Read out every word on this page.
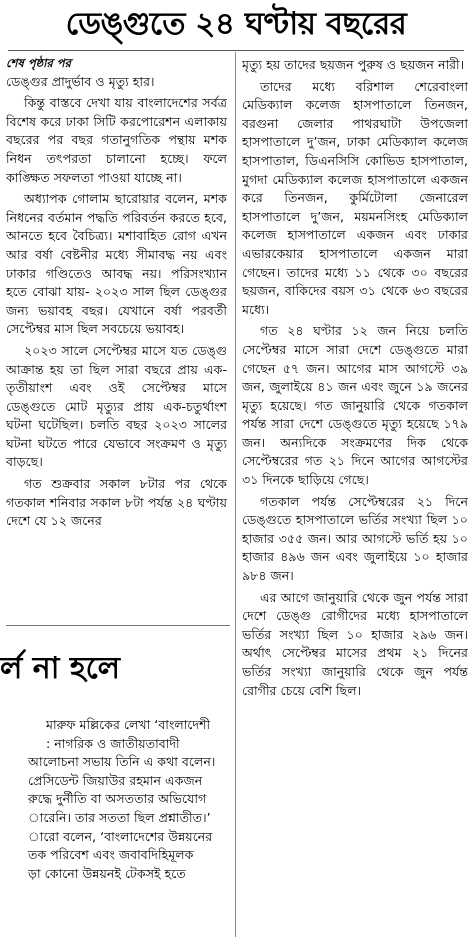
ডেঙ্গুতে ২৪ ঘণ্টায় বছরের
শেষ পৃষ্ঠার পর

ডেঙ্গুর প্রাদুর্ভাব ও মৃত্যু হার।

কিন্তু বাস্তবে দেখা যায় বাংলাদেশের সর্বত্র বিশেষ করে ঢাকা সিটি করপোরেশন এলাকায় বছরের পর বছর গতানুগতিক পন্থায় মশক নিধন তৎপরতা চালানো হচ্ছে। ফলে কাঙ্ক্ষিত সফলতা পাওয়া যাচ্ছে না।

অধ্যাপক গোলাম ছারোয়ার বলেন, মশক নিধনের বর্তমান পদ্ধতি পরিবর্তন করতে হবে, আনতে হবে বৈচিত্র্য। মশাবাহিত রোগ এখন আর বর্ষা বেষ্টনীর মধ্যে সীমাবদ্ধ নয় এবং ঢাকার গণ্ডিতেও আবদ্ধ নয়। পরিসংখ্যান হতে বোঝা যায়- ২০২৩ সাল ছিল ডেঙ্গুর জন্য ভয়াবহ বছর। যেখানে বর্ষা পরবর্তী সেপ্টেম্বর মাস ছিল সবচেয়ে ভয়াবহ।

২০২৩ সালে সেপ্টেম্বর মাসে যত ডেঙ্গু আক্রান্ত হয় তা ছিল সারা বছরে প্রায় এক-তৃতীয়াংশ এবং ওই সেপ্টেম্বর মাসে ডেঙ্গুতে মোট মৃত্যুর প্রায় এক-চতুর্থাংশ ঘটনা ঘটেছিল। চলতি বছর ২০২৩ সালের ঘটনা ঘটতে পারে যেভাবে সংক্রমণ ও মৃত্যু বাড়ছে।

গত শুক্রবার সকাল ৮টার পর থেকে গতকাল শনিবার সকাল ৮টা পর্যন্ত ২৪ ঘণ্টায় দেশে যে ১২ জনের

মৃত্যু হয় তাদের ছয়জন পুরুষ ও ছয়জন নারী।

তাদের মধ্যে বরিশাল শেরেবাংলা মেডিক্যাল কলেজ হাসপাতালে তিনজন, বরগুনা জেলার পাথরঘাটা উপজেলা হাসপাতালে দু’জন, ঢাকা মেডিক্যাল কলেজ হাসপাতাল, ডিএনসিসি কোভিড হাসপাতাল, মুগদা মেডিক্যাল কলেজ হাসপাতালে একজন করে তিনজন, কুর্মিটোলা জেনারেল হাসপাতালে দু’জন, ময়মনসিংহ মেডিক্যাল কলেজ হাসপাতালে একজন এবং ঢাকার এভারকেয়ার হাসপাতালে একজন মারা গেছেন। তাদের মধ্যে ১১ থেকে ৩০ বছরের ছয়জন, বাকিদের বয়স ৩১ থেকে ৬৩ বছরের মধ্যে।

গত ২৪ ঘণ্টার ১২ জন নিয়ে চলতি সেপ্টেম্বর মাসে সারা দেশে ডেঙ্গুতে মারা গেছেন ৫৭ জন। আগের মাস আগস্টে ৩৯ জন, জুলাইয়ে ৪১ জন এবং জুনে ১৯ জনের মৃত্যু হয়েছে। গত জানুয়ারি থেকে গতকাল পর্যন্ত সারা দেশে ডেঙ্গুতে মৃত্যু হয়েছে ১৭৯ জন। অন্যদিকে সংক্রমণের দিক থেকে সেপ্টেম্বরের গত ২১ দিনে আগের আগস্টের ৩১ দিনকে ছাড়িয়ে গেছে।

গতকাল পর্যন্ত সেপ্টেম্বরের ২১ দিনে ডেঙ্গুতে হাসপাতালে ভর্তির সংখ্যা ছিল ১০ হাজার ৩৫৫ জন। আর আগস্টে ভর্তি হয় ১০ হাজার ৪৯৬ জন এবং জুলাইয়ে ১০ হাজার ৯৮৪ জন।

এর আগে জানুয়ারি থেকে জুন পর্যন্ত সারা দেশে ডেঙ্গু রোগীদের মধ্যে হাসপাতালে ভর্তির সংখ্যা ছিল ১০ হাজার ২৯৬ জন। অর্থাৎ সেপ্টেম্বর মাসের প্রথম ২১ দিনের ভর্তির সংখ্যা জানুয়ারি থেকে জুন পর্যন্ত রোগীর চেয়ে বেশি ছিল।

র্ল না হলে
মারুফ মল্লিকের লেখা ‘বাংলাদেশী
: নাগরিক ও জাতীয়তাবাদী
আলোচনা সভায় তিনি এ কথা বলেন।
প্রেসিডেন্ট জিয়াউর রহমান একজন
রুদ্ধে দুর্নীতি বা অসততার অভিযোগ
ারেনি। তার সততা ছিল প্রশ্নাতীত।’
ারো বলেন, ‘বাংলাদেশের উন্নয়নের
তক পরিবেশ এবং জবাবদিহিমূলক
ড়া কোনো উন্নয়নই টেকসই হতে
